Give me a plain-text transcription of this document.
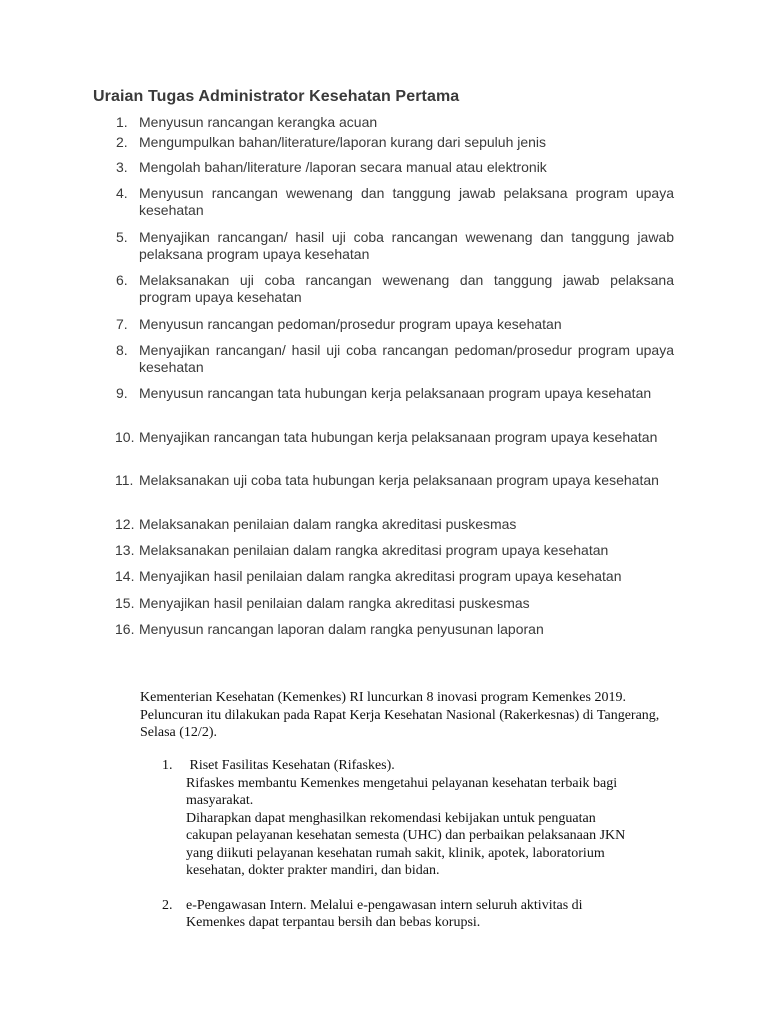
Uraian Tugas Administrator Kesehatan Pertama
1. Menyusun rancangan kerangka acuan
2. Mengumpulkan bahan/literature/laporan kurang dari sepuluh jenis
3. Mengolah bahan/literature /laporan secara manual atau elektronik
4. Menyusun rancangan wewenang dan tanggung jawab pelaksana program upaya kesehatan
5. Menyajikan rancangan/ hasil uji coba rancangan wewenang dan tanggung jawab pelaksana program upaya kesehatan
6. Melaksanakan uji coba rancangan wewenang dan tanggung jawab pelaksana program upaya kesehatan
7. Menyusun rancangan pedoman/prosedur program upaya kesehatan
8. Menyajikan rancangan/ hasil uji coba rancangan pedoman/prosedur program upaya kesehatan
9. Menyusun rancangan tata hubungan kerja pelaksanaan program upaya kesehatan
10. Menyajikan rancangan tata hubungan kerja pelaksanaan program upaya kesehatan
11. Melaksanakan uji coba tata hubungan kerja pelaksanaan program upaya kesehatan
12. Melaksanakan penilaian dalam rangka akreditasi puskesmas
13. Melaksanakan penilaian dalam rangka akreditasi program upaya kesehatan
14. Menyajikan hasil penilaian dalam rangka akreditasi program upaya kesehatan
15. Menyajikan hasil penilaian dalam rangka akreditasi puskesmas
16. Menyusun rancangan laporan dalam rangka penyusunan laporan

Kementerian Kesehatan (Kemenkes) RI luncurkan 8 inovasi program Kemenkes 2019. Peluncuran itu dilakukan pada Rapat Kerja Kesehatan Nasional (Rakerkesnas) di Tangerang, Selasa (12/2).

1. Riset Fasilitas Kesehatan (Rifaskes).
Rifaskes membantu Kemenkes mengetahui pelayanan kesehatan terbaik bagi
masyarakat.
Diharapkan dapat menghasilkan rekomendasi kebijakan untuk penguatan
cakupan pelayanan kesehatan semesta (UHC) dan perbaikan pelaksanaan JKN
yang diikuti pelayanan kesehatan rumah sakit, klinik, apotek, laboratorium
kesehatan, dokter prakter mandiri, dan bidan.
2. e-Pengawasan Intern. Melalui e-pengawasan intern seluruh aktivitas di
Kemenkes dapat terpantau bersih dan bebas korupsi.
